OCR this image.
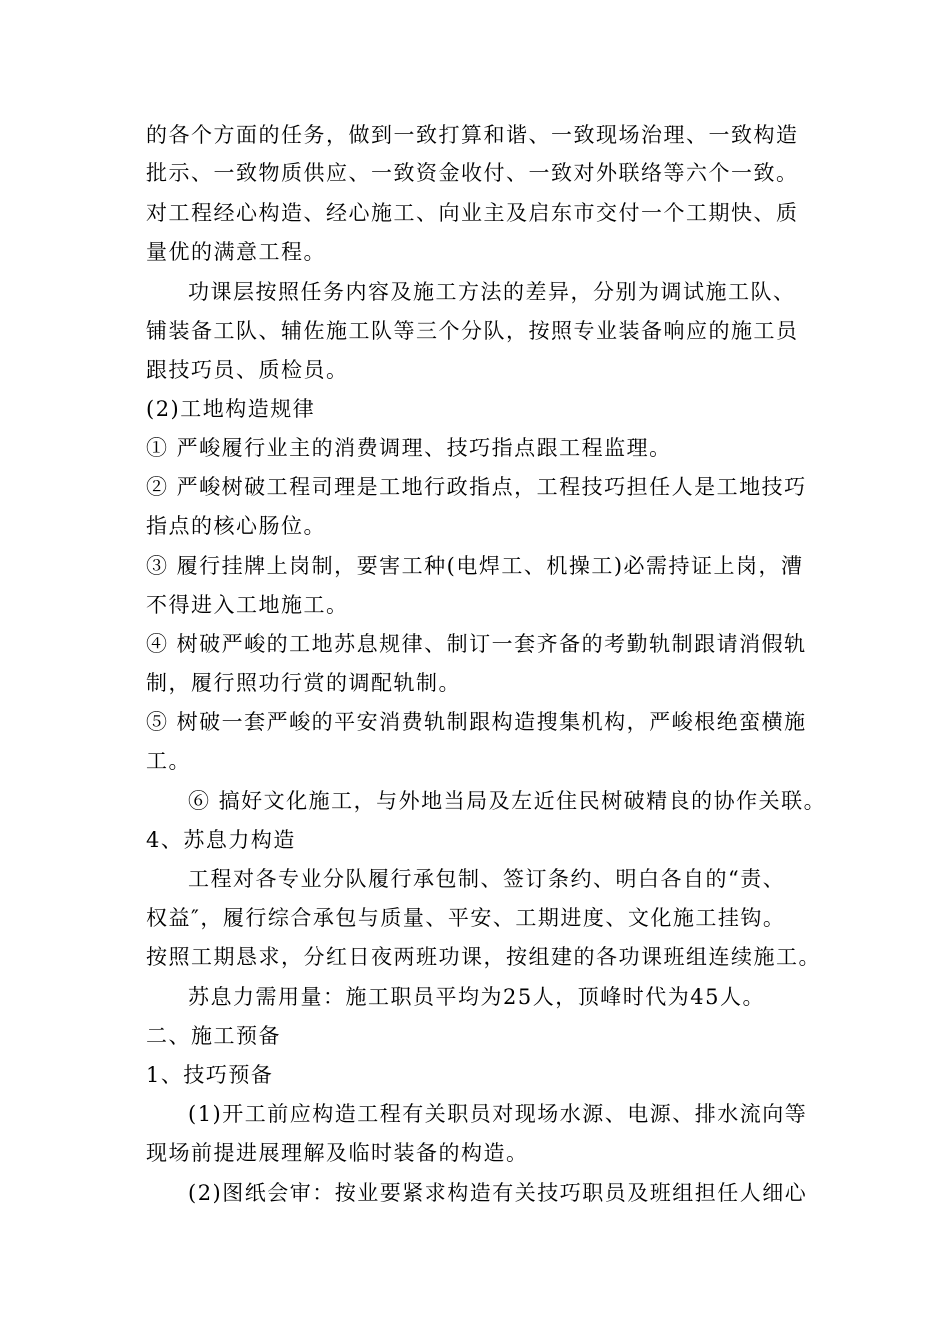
的各个方面的任务，做到一致打算和谐、一致现场治理、一致构造
批示、一致物质供应、一致资金收付、一致对外联络等六个一致。
对工程经心构造、经心施工、向业主及启东市交付一个工期快、质
量优的满意工程。
功课层按照任务内容及施工方法的差异，分别为调试施工队、
铺装备工队、辅佐施工队等三个分队，按照专业装备响应的施工员
跟技巧员、质检员。
(2)工地构造规律
① 严峻履行业主的消费调理、技巧指点跟工程监理。
② 严峻树破工程司理是工地行政指点，工程技巧担任人是工地技巧
指点的核心肠位。
③ 履行挂牌上岗制，要害工种(电焊工、机操工)必需持证上岗，漕
不得进入工地施工。
④ 树破严峻的工地苏息规律、制订一套齐备的考勤轨制跟请消假轨
制，履行照功行赏的调配轨制。
⑤ 树破一套严峻的平安消费轨制跟构造搜集机构，严峻根绝蛮横施
工。
⑥ 搞好文化施工，与外地当局及左近住民树破精良的协作关联。
4、苏息力构造
工程对各专业分队履行承包制、签订条约、明白各自的“责、
权益″，履行综合承包与质量、平安、工期进度、文化施工挂钩。
按照工期恳求，分红日夜两班功课，按组建的各功课班组连续施工。
苏息力需用量：施工职员平均为25人，顶峰时代为45人。
二、施工预备
1、技巧预备
(1)开工前应构造工程有关职员对现场水源、电源、排水流向等
现场前提进展理解及临时装备的构造。
(2)图纸会审：按业要紧求构造有关技巧职员及班组担任人细心
